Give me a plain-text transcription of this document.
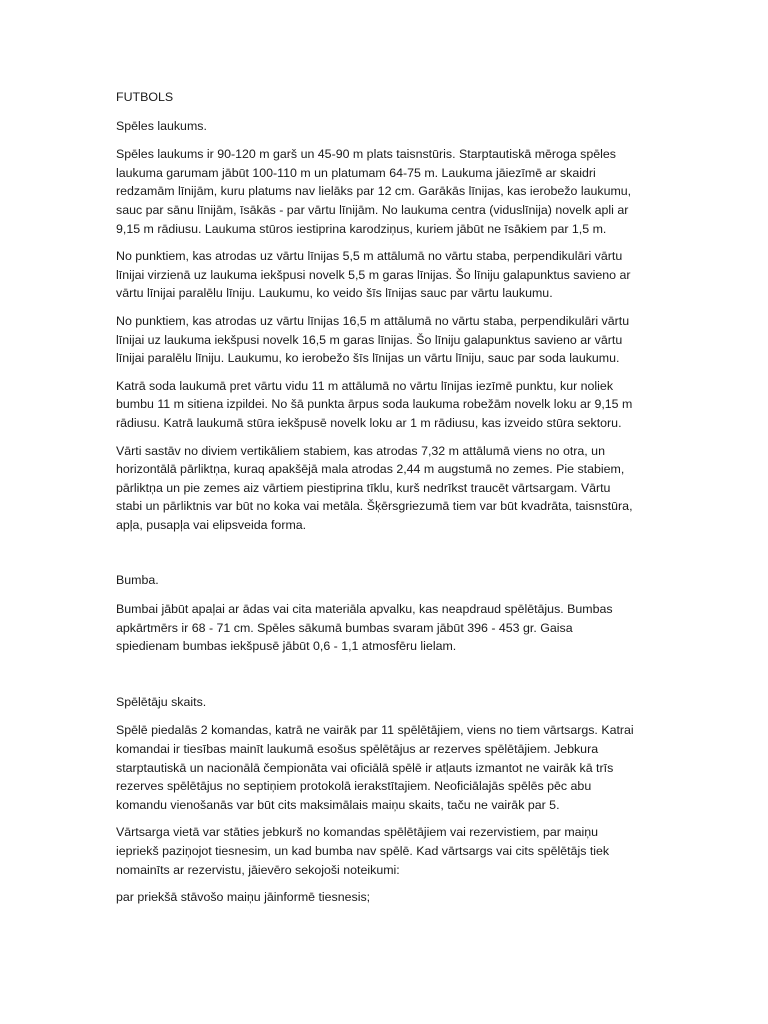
FUTBOLS

Spēles laukums.

Spēles laukums ir 90-120 m garš un 45-90 m plats taisnstūris. Starptautiskā mēroga spēles laukuma garumam jābūt 100-110 m un platumam 64-75 m. Laukuma jāiezīmē ar skaidri redzamām līnijām, kuru platums nav lielāks par 12 cm. Garākās līnijas, kas ierobežo laukumu, sauc par sānu līnijām, īsākās - par vārtu līnijām. No laukuma centra (viduslīnija) novelk apli ar 9,15 m rādiusu. Laukuma stūros iestiprina karodziņus, kuriem jābūt ne īsākiem par 1,5 m.

No punktiem, kas atrodas uz vārtu līnijas 5,5 m attālumā no vārtu staba, perpendikulāri vārtu līnijai virzienā uz laukuma iekšpusi novelk 5,5 m garas līnijas. Šo līniju galapunktus savieno ar vārtu līnijai paralēlu līniju. Laukumu, ko veido šīs līnijas sauc par vārtu laukumu.

No punktiem, kas atrodas uz vārtu līnijas 16,5 m attālumā no vārtu staba, perpendikulāri vārtu līnijai uz laukuma iekšpusi novelk 16,5 m garas līnijas. Šo līniju galapunktus savieno ar vārtu līnijai paralēlu līniju. Laukumu, ko ierobežo šīs līnijas un vārtu līniju, sauc par soda laukumu.

Katrā soda laukumā pret vārtu vidu 11 m attālumā no vārtu līnijas iezīmē punktu, kur noliek bumbu 11 m sitiena izpildei. No šā punkta ārpus soda laukuma robežām novelk loku ar 9,15 m rādiusu. Katrā laukumā stūra iekšpusē novelk loku ar 1 m rādiusu, kas izveido stūra sektoru.

Vārti sastāv no diviem vertikāliem stabiem, kas atrodas 7,32 m attālumā viens no otra, un horizontālā pārliktņa, kuraq apakšējā mala atrodas 2,44 m augstumā no zemes. Pie stabiem, pārliktņa un pie zemes aiz vārtiem piestiprina tīklu, kurš nedrīkst traucēt vārtsargam. Vārtu stabi un pārliktnis var būt no koka vai metāla. Šķērsgriezumā tiem var būt kvadrāta, taisnstūra, apļa, pusapļa vai elipsveida forma.

Bumba.

Bumbai jābūt apaļai ar ādas vai cita materiāla apvalku, kas neapdraud spēlētājus. Bumbas apkārtmērs ir 68 - 71 cm. Spēles sākumā bumbas svaram jābūt 396 - 453 gr. Gaisa spiedienam bumbas iekšpusē jābūt 0,6 - 1,1 atmosfēru lielam.

Spēlētāju skaits.

Spēlē piedalās 2 komandas, katrā ne vairāk par 11 spēlētājiem, viens no tiem vārtsargs. Katrai komandai ir tiesības mainīt laukumā esošus spēlētājus ar rezerves spēlētājiem. Jebkura starptautiskā un nacionālā čempionāta vai oficiālā spēlē ir atļauts izmantot ne vairāk kā trīs rezerves spēlētājus no septiņiem protokolā ierakstītajiem. Neoficiālajās spēlēs pēc abu komandu vienošanās var būt cits maksimālais maiņu skaits, taču ne vairāk par 5.

Vārtsarga vietā var stāties jebkurš no komandas spēlētājiem vai rezervistiem, par maiņu iepriekš paziņojot tiesnesim, un kad bumba nav spēlē. Kad vārtsargs vai cits spēlētājs tiek nomainīts ar rezervistu, jāievēro sekojoši noteikumi:

par priekšā stāvošo maiņu jāinformē tiesnesis;
